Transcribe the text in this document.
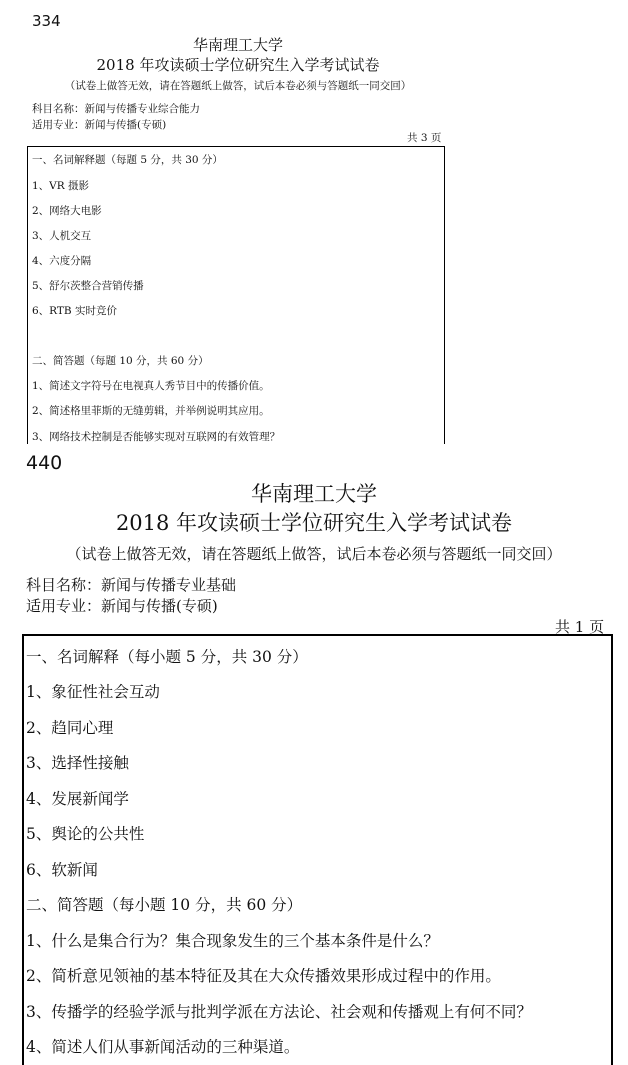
334
华南理工大学
2018 年攻读硕士学位研究生入学考试试卷
（试卷上做答无效，请在答题纸上做答，试后本卷必须与答题纸一同交回）
科目名称：新闻与传播专业综合能力
适用专业：新闻与传播(专硕)
共 3 页
一、名词解释题（每题 5 分，共 30 分）
1、VR 摄影
2、网络大电影
3、人机交互
4、六度分隔
5、舒尔茨整合营销传播
6、RTB 实时竞价
二、简答题（每题 10 分，共 60 分）
1、简述文字符号在电视真人秀节目中的传播价值。
2、简述格里菲斯的无缝剪辑，并举例说明其应用。
3、网络技术控制是否能够实现对互联网的有效管理？
440
华南理工大学
2018 年攻读硕士学位研究生入学考试试卷
（试卷上做答无效，请在答题纸上做答，试后本卷必须与答题纸一同交回）
科目名称：新闻与传播专业基础
适用专业：新闻与传播(专硕)
共 1 页
一、名词解释（每小题 5 分，共 30 分）
1、象征性社会互动
2、趋同心理
3、选择性接触
4、发展新闻学
5、舆论的公共性
6、软新闻
二、简答题（每小题 10 分，共 60 分）
1、什么是集合行为？集合现象发生的三个基本条件是什么？
2、简析意见领袖的基本特征及其在大众传播效果形成过程中的作用。
3、传播学的经验学派与批判学派在方法论、社会观和传播观上有何不同？
4、简述人们从事新闻活动的三种渠道。
